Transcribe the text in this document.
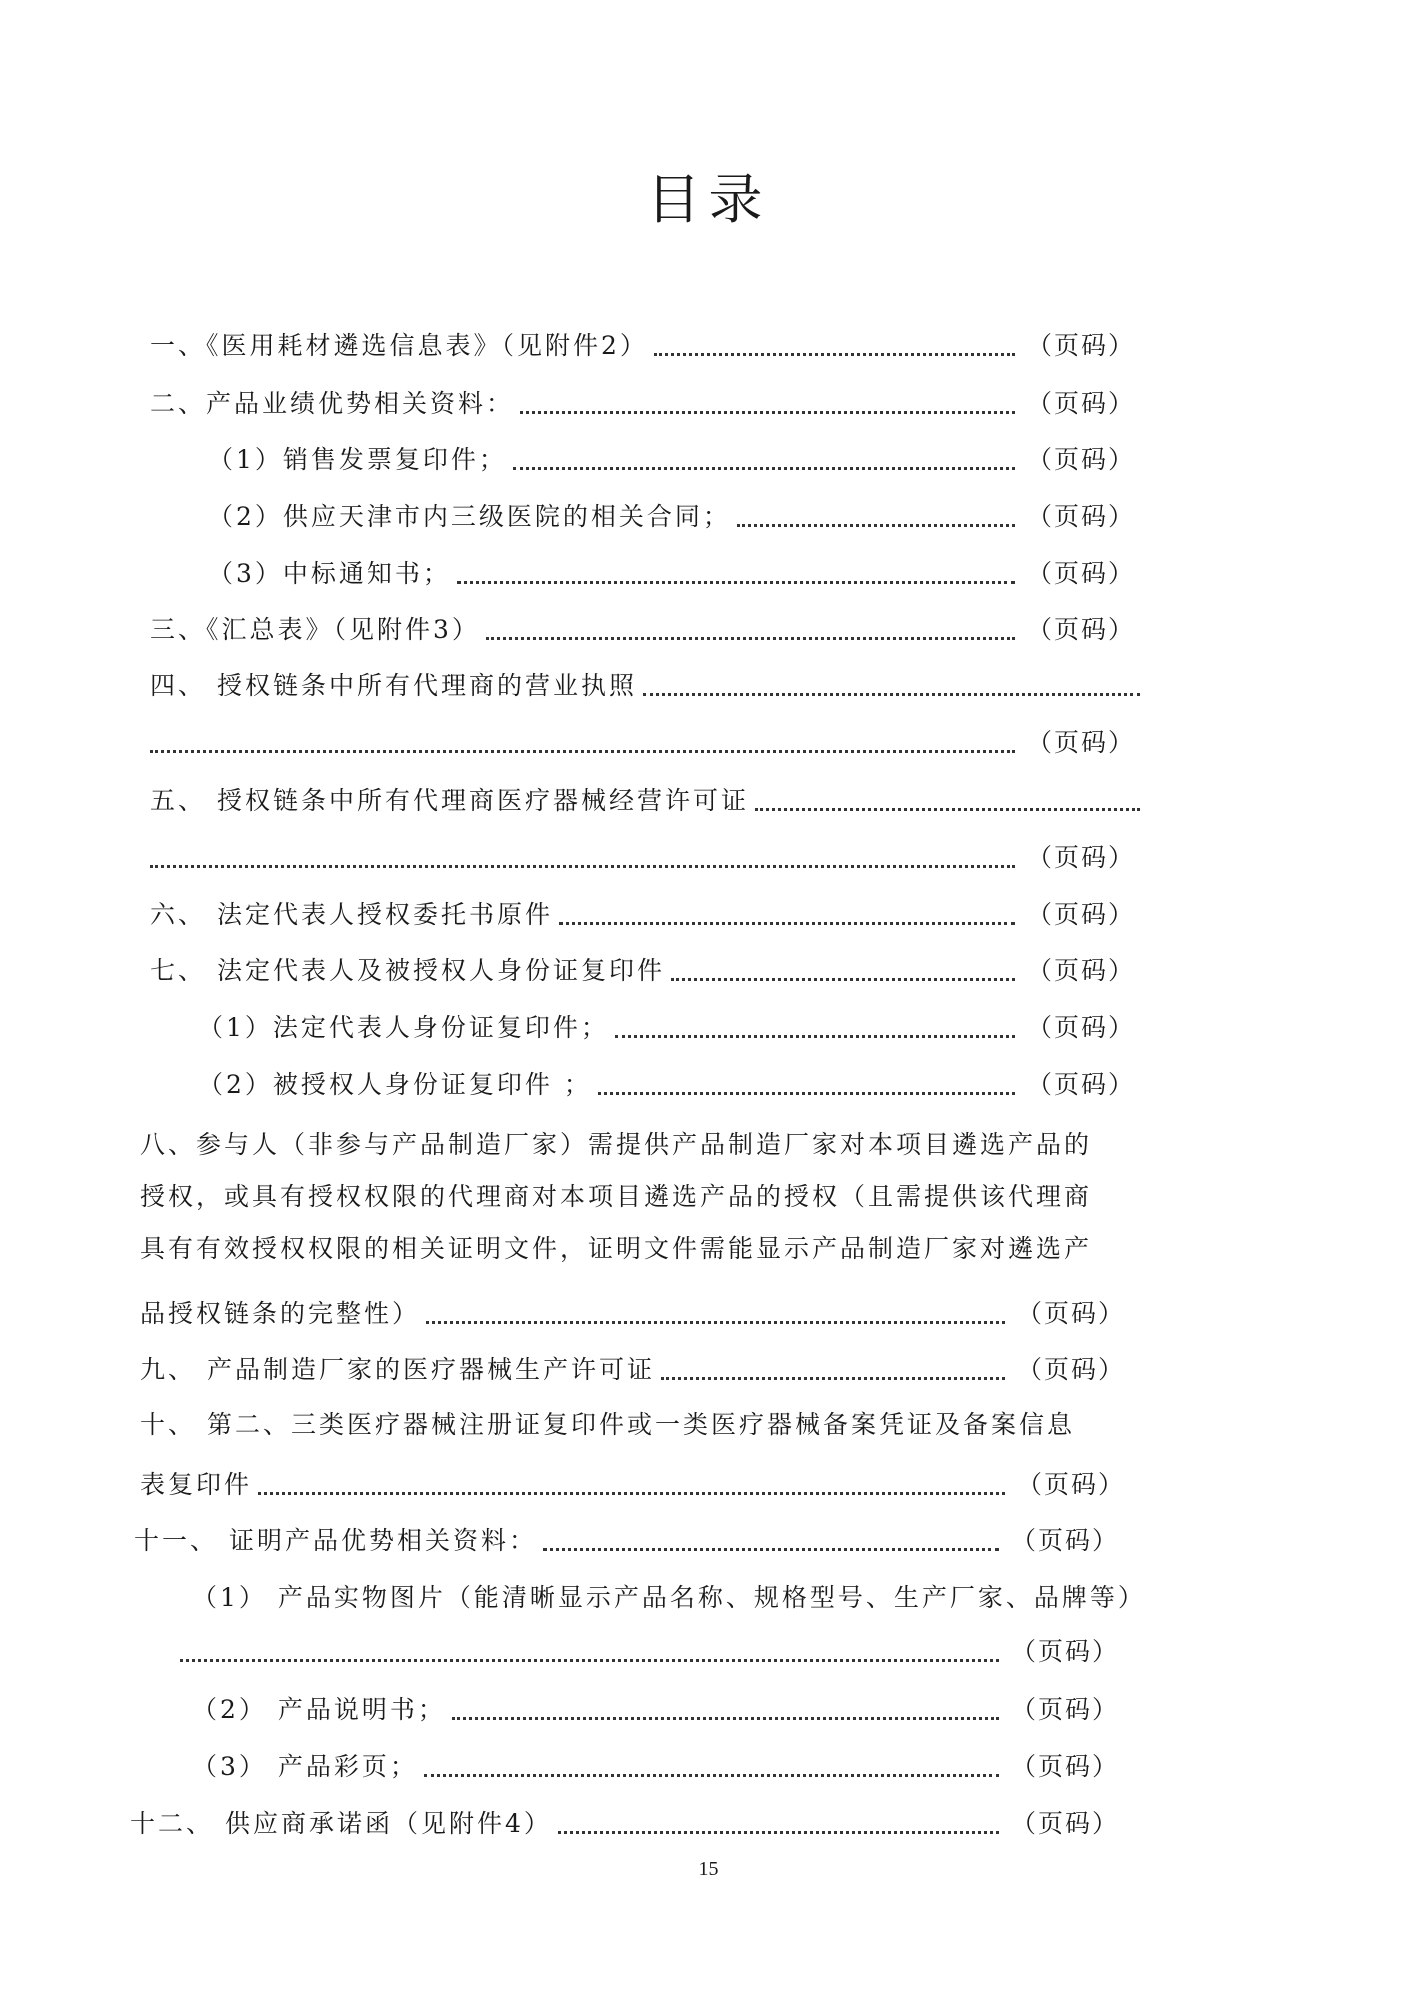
目录
一、《医用耗材遴选信息表》（见附件2）	（页码）
二、产品业绩优势相关资料：	（页码）
（1）销售发票复印件；	（页码）
（2）供应天津市内三级医院的相关合同；	（页码）
（3）中标通知书；	（页码）
三、《汇总表》（见附件3）	（页码）
四、 授权链条中所有代理商的营业执照
（页码）
五、 授权链条中所有代理商医疗器械经营许可证
（页码）
六、 法定代表人授权委托书原件	（页码）
七、 法定代表人及被授权人身份证复印件	（页码）
（1）法定代表人身份证复印件；	（页码）
（2）被授权人身份证复印件 ；	（页码）
八、参与人（非参与产品制造厂家）需提供产品制造厂家对本项目遴选产品的
授权，或具有授权权限的代理商对本项目遴选产品的授权（且需提供该代理商
具有有效授权权限的相关证明文件，证明文件需能显示产品制造厂家对遴选产
品授权链条的完整性）	（页码）
九、 产品制造厂家的医疗器械生产许可证	（页码）
十、 第二、三类医疗器械注册证复印件或一类医疗器械备案凭证及备案信息
表复印件	（页码）
十一、 证明产品优势相关资料：	（页码）
（1） 产品实物图片（能清晰显示产品名称、规格型号、生产厂家、品牌等）
（页码）
（2） 产品说明书；	（页码）
（3） 产品彩页；	（页码）
十二、 供应商承诺函（见附件4）	（页码）
15
